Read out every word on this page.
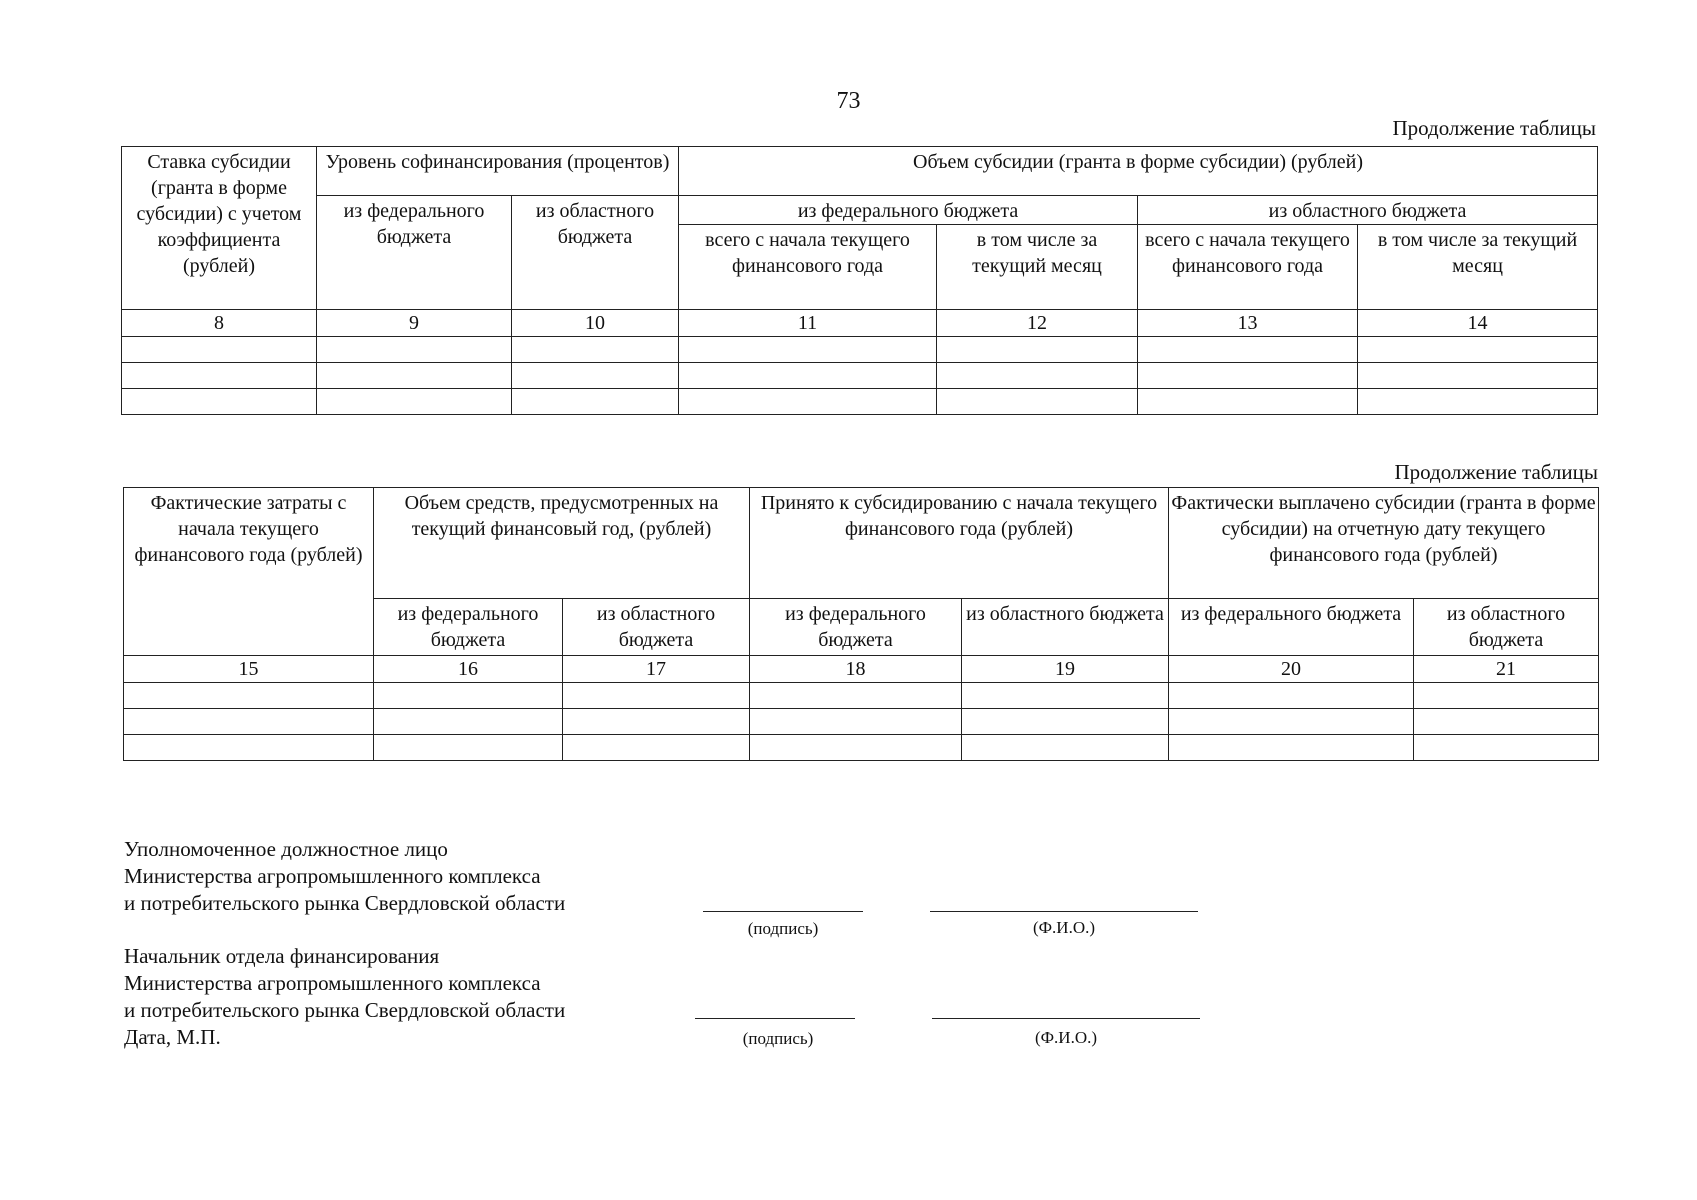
73
Продолжение таблицы
Ставка субсидии (гранта в форме субсидии) с учетом коэффициента (рублей)	Уровень софинансирования (процентов)		Объем субсидии (гранта в форме субсидии) (рублей)			
	из федерального бюджета	из областного бюджета	из федерального бюджета		из областного бюджета	
			всего с начала текущего финансового года	в том числе за текущий месяц	всего с начала текущего финансового года	в том числе за текущий месяц
8	9	10	11	12	13	14

Продолжение таблицы
Фактические затраты с начала текущего финансового года (рублей)	Объем средств, предусмотренных на текущий финансовый год, (рублей)		Принято к субсидированию с начала текущего финансового года (рублей)		Фактически выплачено субсидии (гранта в форме субсидии) на отчетную дату текущего финансового года (рублей)	
	из федерального бюджета	из областного бюджета	из федерального бюджета	из областного бюджета	из федерального бюджета	из областного бюджета
15	16	17	18	19	20	21

Уполномоченное должностное лицо
Министерства агропромышленного комплекса
и потребительского рынка Свердловской области
(подпись)	(Ф.И.О.)
Начальник отдела финансирования
Министерства агропромышленного комплекса
и потребительского рынка Свердловской области
Дата, М.П.	(подпись)	(Ф.И.О.)
